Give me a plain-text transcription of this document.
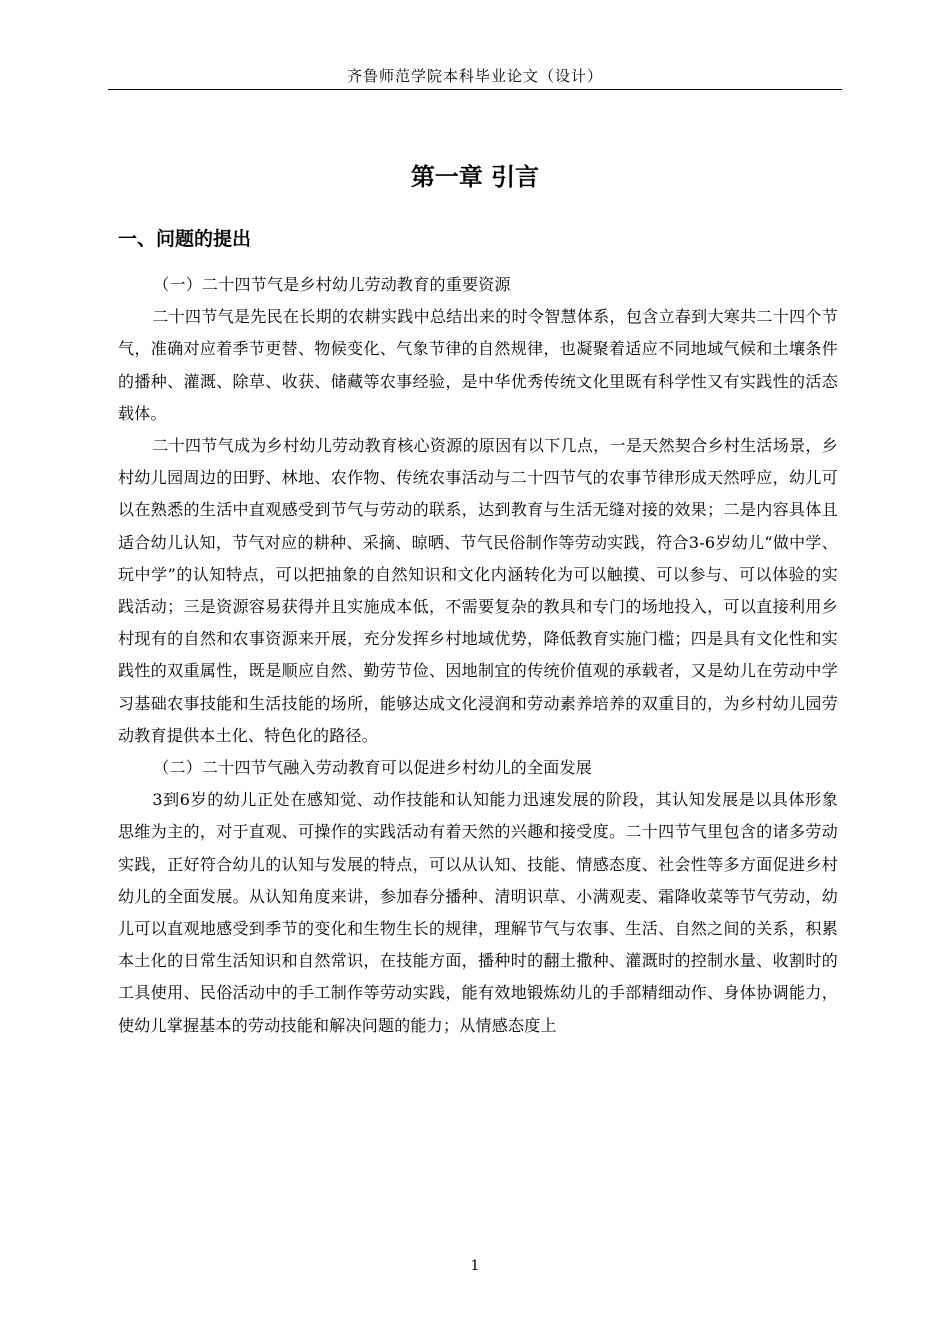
齐鲁师范学院本科毕业论文（设计）
第一章 引言
一、问题的提出

（一）二十四节气是乡村幼儿劳动教育的重要资源

二十四节气是先民在长期的农耕实践中总结出来的时令智慧体系，包含立春到大寒共二十四个节气，准确对应着季节更替、物候变化、气象节律的自然规律，也凝聚着适应不同地域气候和土壤条件的播种、灌溉、除草、收获、储藏等农事经验，是中华优秀传统文化里既有科学性又有实践性的活态载体。

二十四节气成为乡村幼儿劳动教育核心资源的原因有以下几点，一是天然契合乡村生活场景，乡村幼儿园周边的田野、林地、农作物、传统农事活动与二十四节气的农事节律形成天然呼应，幼儿可以在熟悉的生活中直观感受到节气与劳动的联系，达到教育与生活无缝对接的效果；二是内容具体且适合幼儿认知，节气对应的耕种、采摘、晾晒、节气民俗制作等劳动实践，符合3-6岁幼儿“做中学、玩中学”的认知特点，可以把抽象的自然知识和文化内涵转化为可以触摸、可以参与、可以体验的实践活动；三是资源容易获得并且实施成本低，不需要复杂的教具和专门的场地投入，可以直接利用乡村现有的自然和农事资源来开展，充分发挥乡村地域优势，降低教育实施门槛；四是具有文化性和实践性的双重属性，既是顺应自然、勤劳节俭、因地制宜的传统价值观的承载者，又是幼儿在劳动中学习基础农事技能和生活技能的场所，能够达成文化浸润和劳动素养培养的双重目的，为乡村幼儿园劳动教育提供本土化、特色化的路径。

（二）二十四节气融入劳动教育可以促进乡村幼儿的全面发展

3到6岁的幼儿正处在感知觉、动作技能和认知能力迅速发展的阶段，其认知发展是以具体形象思维为主的，对于直观、可操作的实践活动有着天然的兴趣和接受度。二十四节气里包含的诸多劳动实践，正好符合幼儿的认知与发展的特点，可以从认知、技能、情感态度、社会性等多方面促进乡村幼儿的全面发展。从认知角度来讲，参加春分播种、清明识草、小满观麦、霜降收菜等节气劳动，幼儿可以直观地感受到季节的变化和生物生长的规律，理解节气与农事、生活、自然之间的关系，积累本土化的日常生活知识和自然常识，在技能方面，播种时的翻土撒种、灌溉时的控制水量、收割时的工具使用、民俗活动中的手工制作等劳动实践，能有效地锻炼幼儿的手部精细动作、身体协调能力，使幼儿掌握基本的劳动技能和解决问题的能力；从情感态度上

1
